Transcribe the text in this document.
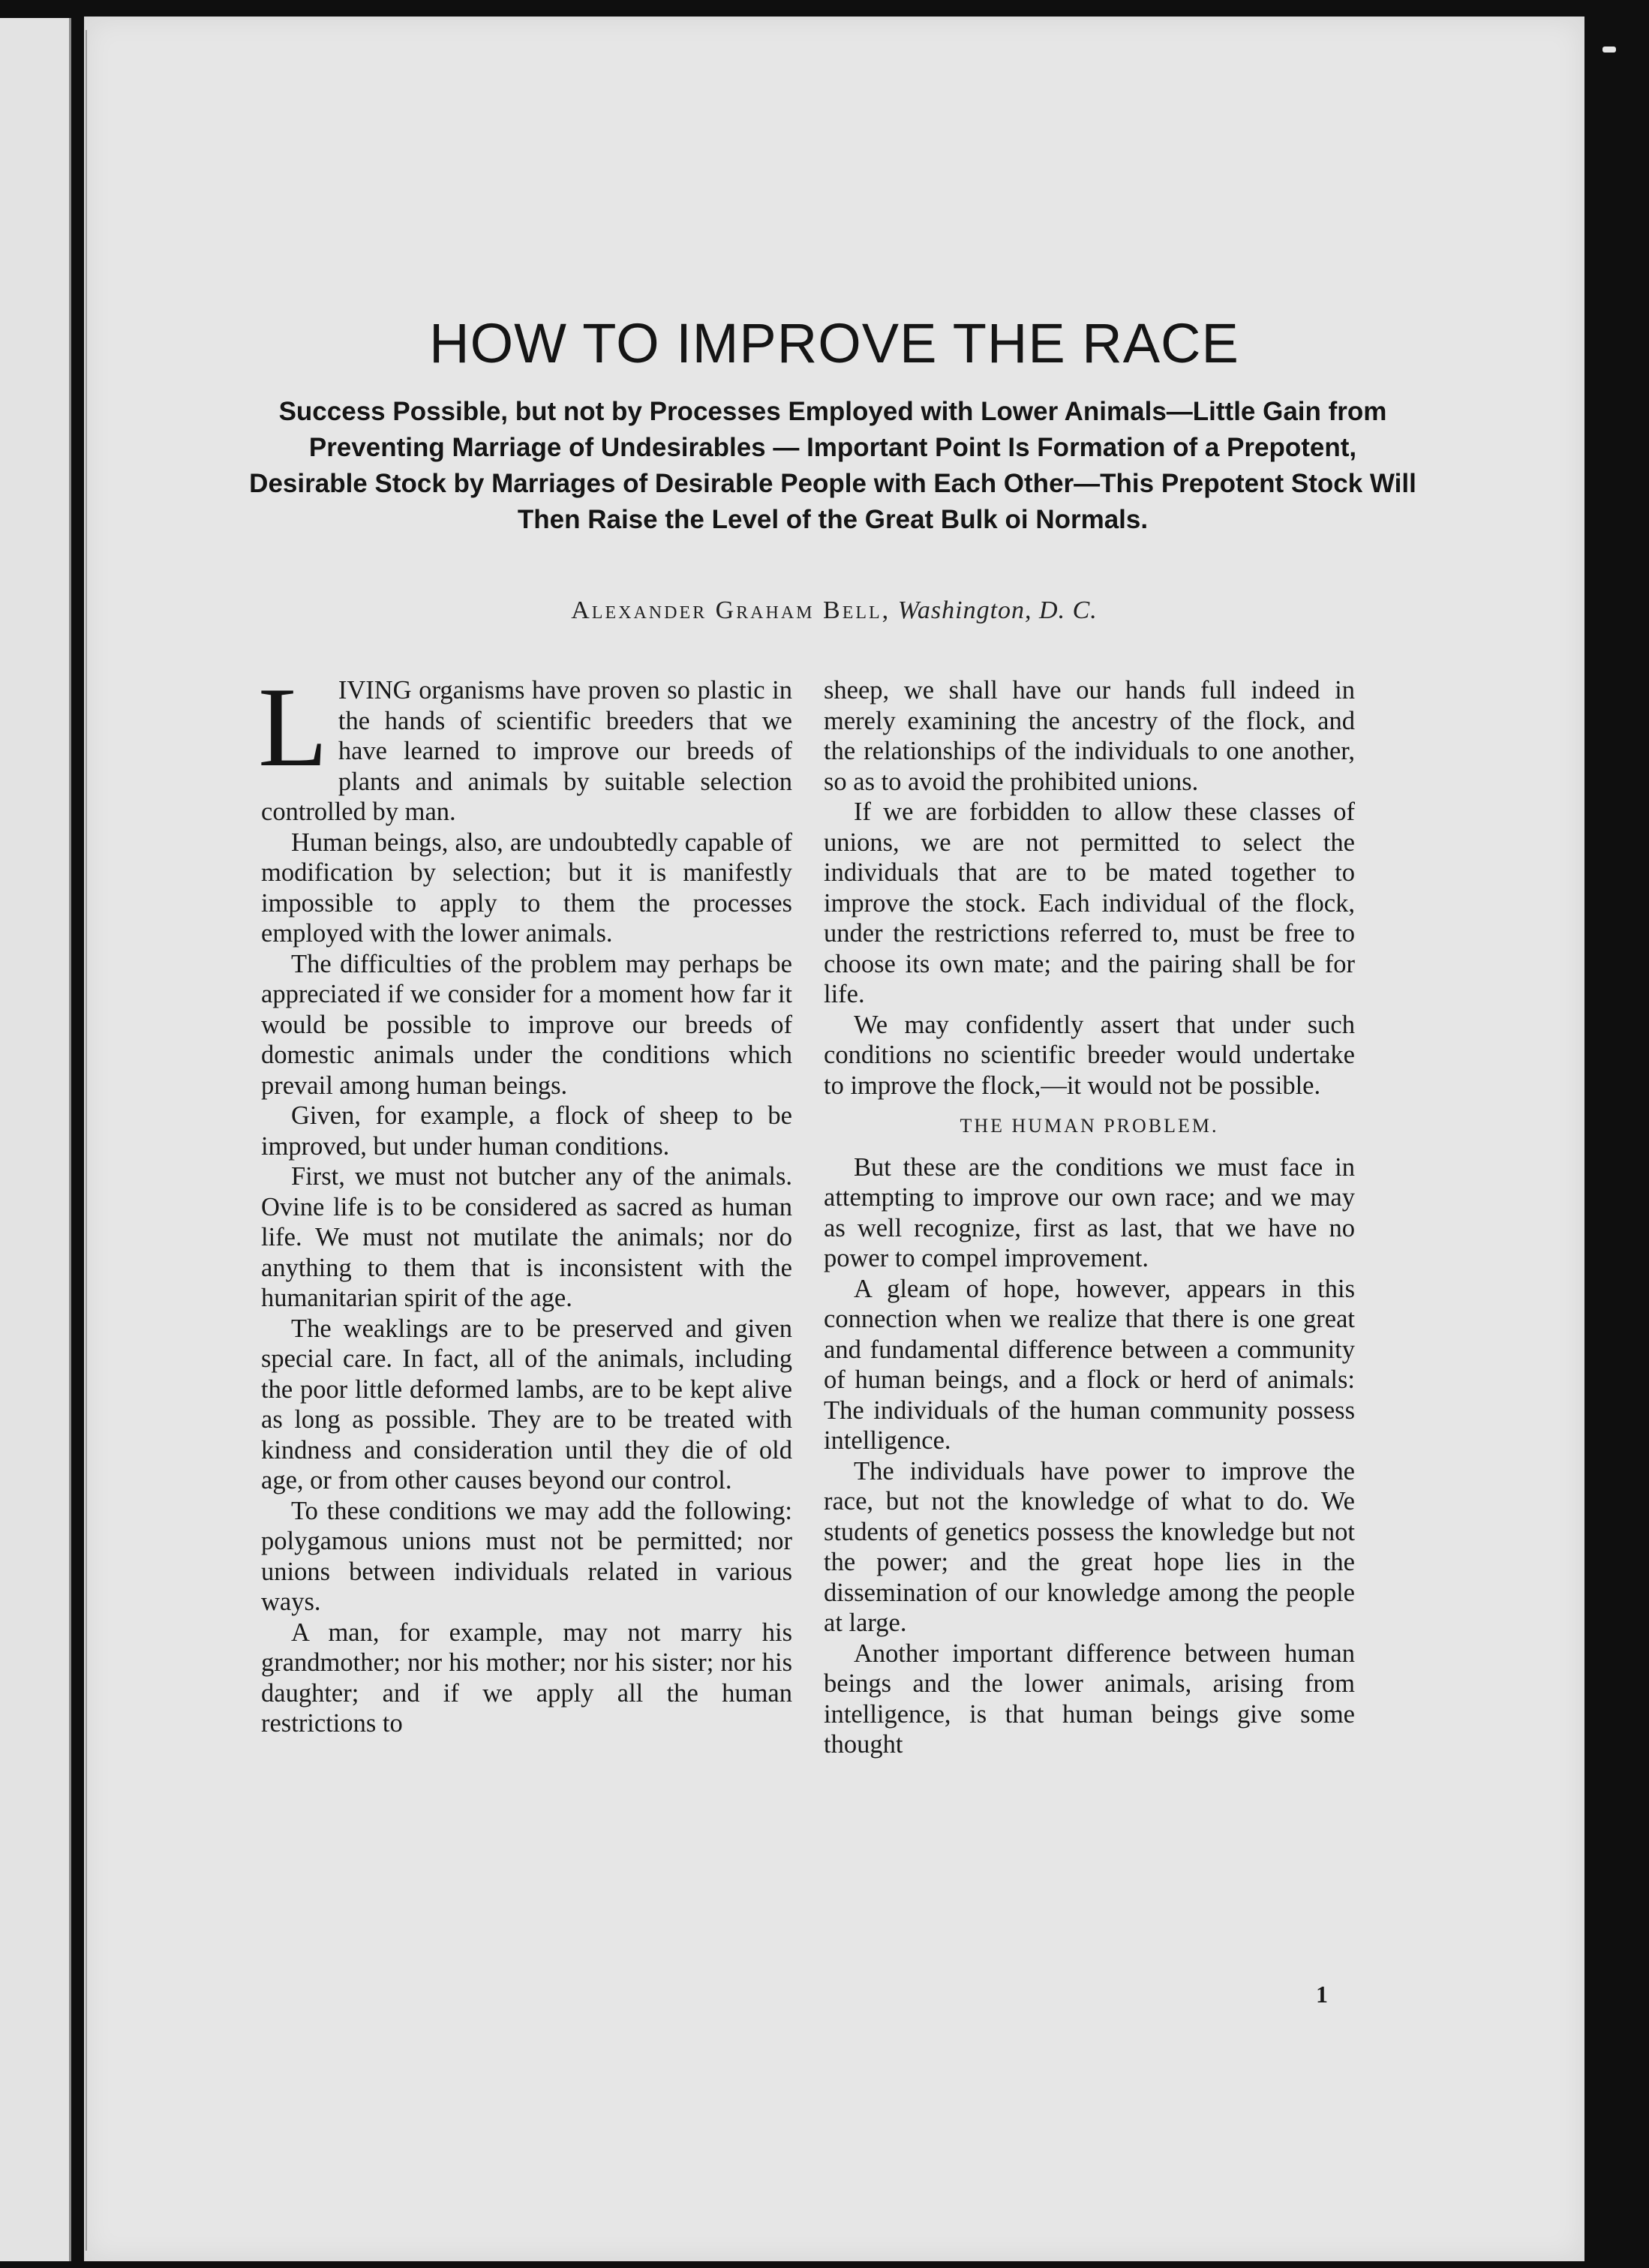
HOW TO IMPROVE THE RACE

Success Possible, but not by Processes Employed with Lower Animals—Little Gain from Preventing Marriage of Undesirables — Important Point Is Formation of a Prepotent, Desirable Stock by Marriages of Desirable People with Each Other—This Prepotent Stock Will Then Raise the Level of the Great Bulk oi Normals.

Alexander Graham Bell, Washington, D. C.

LIVING organisms have proven so plastic in the hands of scientific breeders that we have learned to improve our breeds of plants and animals by suitable selection controlled by man.

Human beings, also, are undoubtedly capable of modification by selection; but it is manifestly impossible to apply to them the processes employed with the lower animals.

The difficulties of the problem may perhaps be appreciated if we consider for a moment how far it would be possible to improve our breeds of domestic animals under the conditions which prevail among human beings.

Given, for example, a flock of sheep to be improved, but under human conditions.

First, we must not butcher any of the animals. Ovine life is to be considered as sacred as human life. We must not mutilate the animals; nor do anything to them that is inconsistent with the humanitarian spirit of the age.

The weaklings are to be preserved and given special care. In fact, all of the animals, including the poor little deformed lambs, are to be kept alive as long as possible. They are to be treated with kindness and consideration until they die of old age, or from other causes beyond our control.

To these conditions we may add the following: polygamous unions must not be permitted; nor unions between individuals related in various ways.

A man, for example, may not marry his grandmother; nor his mother; nor his sister; nor his daughter; and if we apply all the human restrictions to

sheep, we shall have our hands full indeed in merely examining the ancestry of the flock, and the relationships of the individuals to one another, so as to avoid the prohibited unions.

If we are forbidden to allow these classes of unions, we are not permitted to select the individuals that are to be mated together to improve the stock. Each individual of the flock, under the restrictions referred to, must be free to choose its own mate; and the pairing shall be for life.

We may confidently assert that under such conditions no scientific breeder would undertake to improve the flock,—it would not be possible.

THE HUMAN PROBLEM.

But these are the conditions we must face in attempting to improve our own race; and we may as well recognize, first as last, that we have no power to compel improvement.

A gleam of hope, however, appears in this connection when we realize that there is one great and fundamental difference between a community of human beings, and a flock or herd of animals: The individuals of the human community possess intelligence.

The individuals have power to improve the race, but not the knowledge of what to do. We students of genetics possess the knowledge but not the power; and the great hope lies in the dissemination of our knowledge among the people at large.

Another important difference between human beings and the lower animals, arising from intelligence, is that human beings give some thought

1
